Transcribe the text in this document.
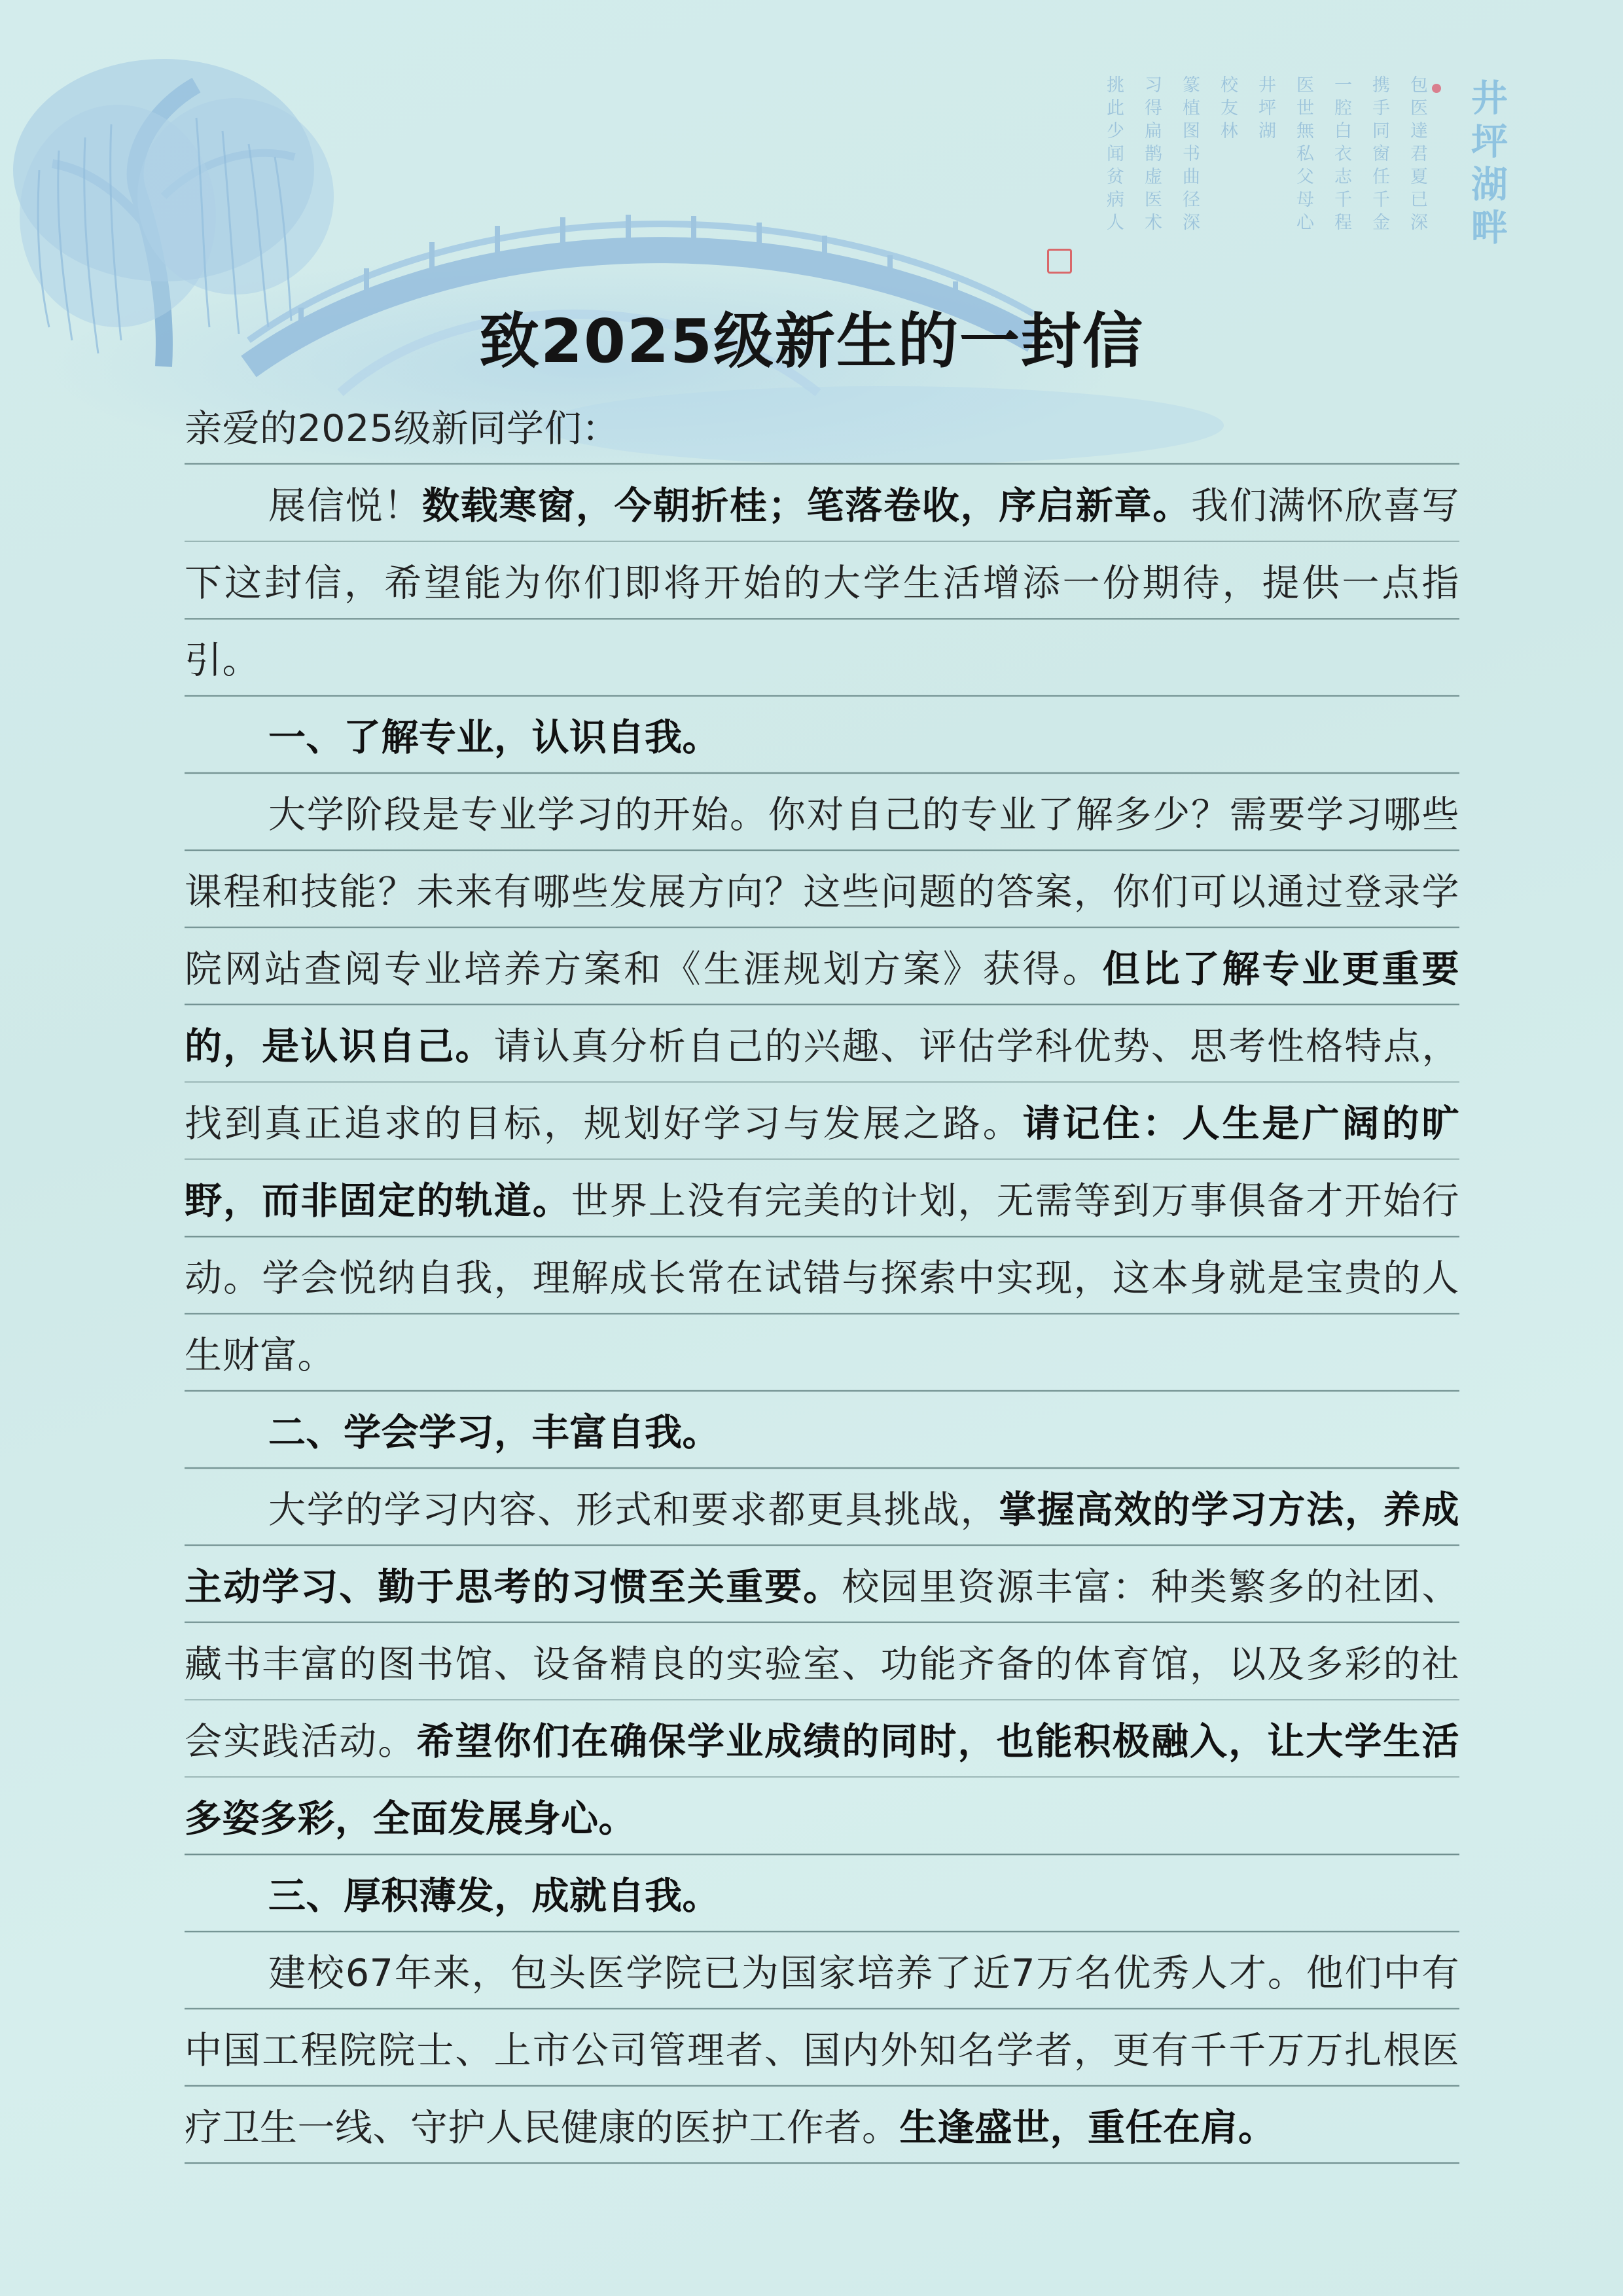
包医達君夏已深
携手同窗任千金
一腔白衣志千程
医世無私父母心
井坪湖
校友林
篆植图书曲径深
习得扁鹊虚医术
挑此少闻贫病人	井坪湖畔
致2025级新生的一封信

亲爱的2025级新同学们：

展信悦！数载寒窗，今朝折桂；笔落卷收，序启新章。我们满怀欣喜写下这封信，希望能为你们即将开始的大学生活增添一份期待，提供一点指引。

一、了解专业，认识自我。

大学阶段是专业学习的开始。你对自己的专业了解多少？需要学习哪些课程和技能？未来有哪些发展方向？这些问题的答案，你们可以通过登录学院网站查阅专业培养方案和《生涯规划方案》获得。但比了解专业更重要的，是认识自己。请认真分析自己的兴趣、评估学科优势、思考性格特点，找到真正追求的目标，规划好学习与发展之路。请记住：人生是广阔的旷野，而非固定的轨道。世界上没有完美的计划，无需等到万事俱备才开始行动。学会悦纳自我，理解成长常在试错与探索中实现，这本身就是宝贵的人生财富。

二、学会学习，丰富自我。

大学的学习内容、形式和要求都更具挑战，掌握高效的学习方法，养成主动学习、勤于思考的习惯至关重要。校园里资源丰富：种类繁多的社团、藏书丰富的图书馆、设备精良的实验室、功能齐备的体育馆，以及多彩的社会实践活动。希望你们在确保学业成绩的同时，也能积极融入，让大学生活多姿多彩，全面发展身心。

三、厚积薄发，成就自我。

建校67年来，包头医学院已为国家培养了近7万名优秀人才。他们中有中国工程院院士、上市公司管理者、国内外知名学者，更有千千万万扎根医疗卫生一线、守护人民健康的医护工作者。生逢盛世，重任在肩。
